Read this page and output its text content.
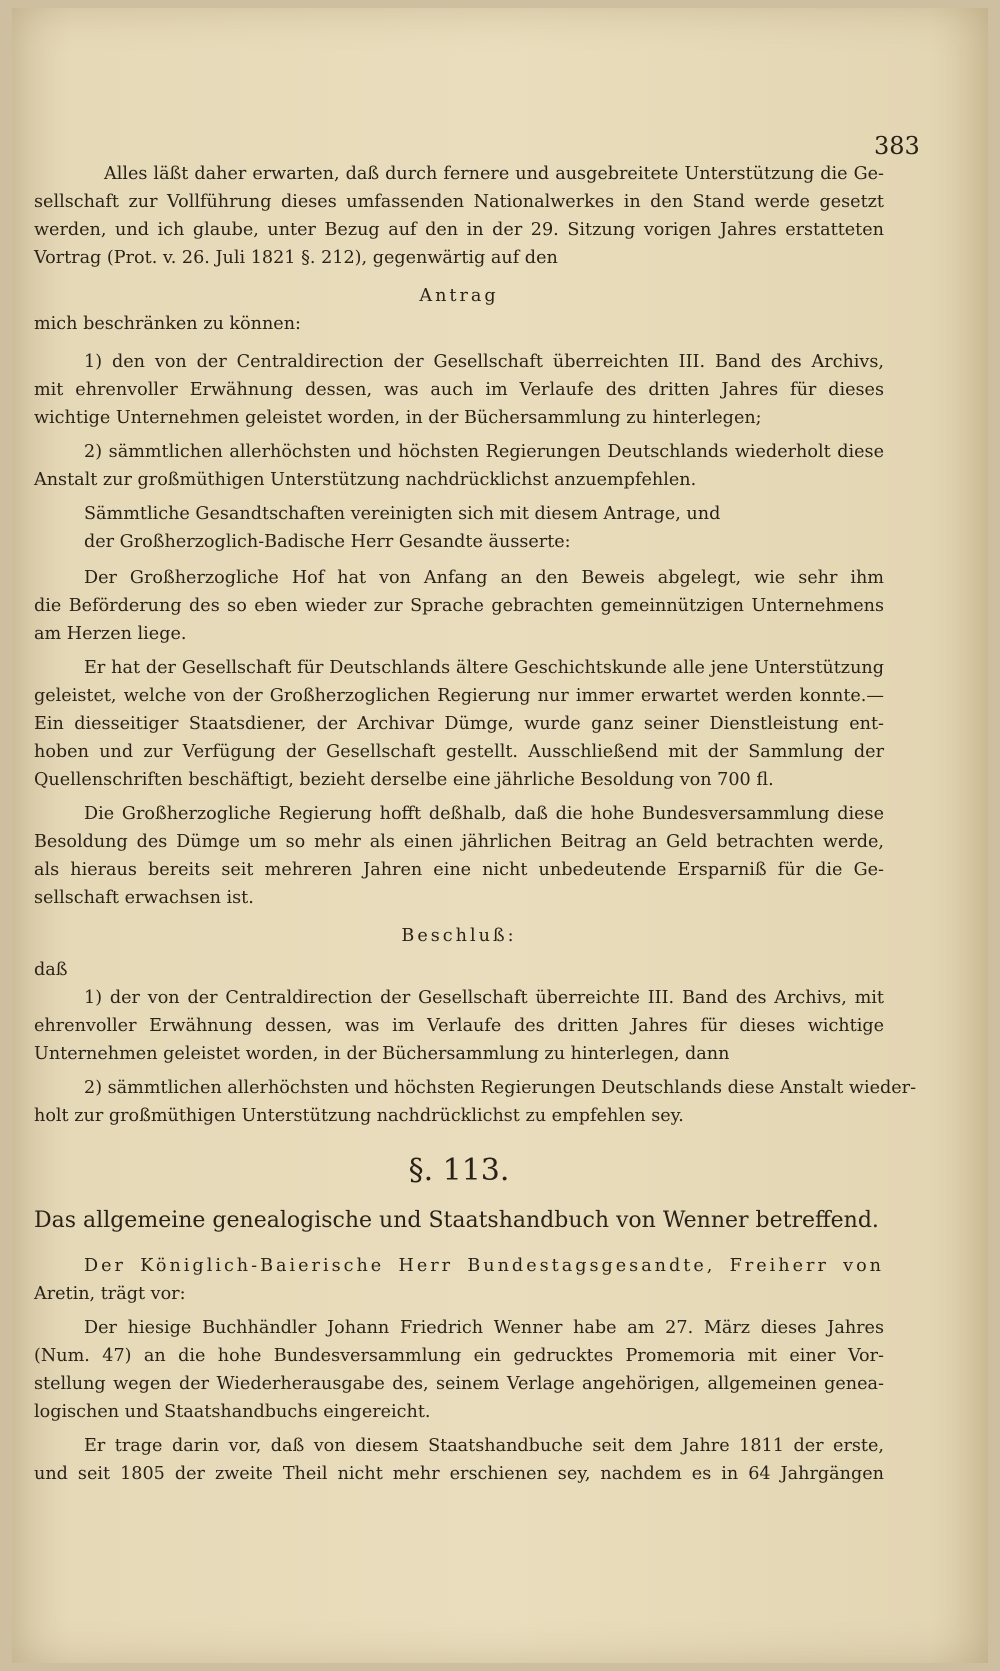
383
Alles läßt daher erwarten, daß durch fernere und ausgebreitete Unterstützung die Ge-
sellschaft zur Vollführung dieses umfassenden Nationalwerkes in den Stand werde gesetzt
werden, und ich glaube, unter Bezug auf den in der 29. Sitzung vorigen Jahres erstatteten
Vortrag (Prot. v. 26. Juli 1821 §. 212), gegenwärtig auf den
Antrag
mich beschränken zu können:
1) den von der Centraldirection der Gesellschaft überreichten III. Band des Archivs,
mit ehrenvoller Erwähnung dessen, was auch im Verlaufe des dritten Jahres für dieses
wichtige Unternehmen geleistet worden, in der Büchersammlung zu hinterlegen;
2) sämmtlichen allerhöchsten und höchsten Regierungen Deutschlands wiederholt diese
Anstalt zur großmüthigen Unterstützung nachdrücklichst anzuempfehlen.
Sämmtliche Gesandtschaften vereinigten sich mit diesem Antrage, und
der Großherzoglich-Badische Herr Gesandte äusserte:
Der Großherzogliche Hof hat von Anfang an den Beweis abgelegt, wie sehr ihm
die Beförderung des so eben wieder zur Sprache gebrachten gemeinnützigen Unternehmens
am Herzen liege.
Er hat der Gesellschaft für Deutschlands ältere Geschichtskunde alle jene Unterstützung
geleistet, welche von der Großherzoglichen Regierung nur immer erwartet werden konnte.—
Ein diesseitiger Staatsdiener, der Archivar Dümge, wurde ganz seiner Dienstleistung ent-
hoben und zur Verfügung der Gesellschaft gestellt. Ausschließend mit der Sammlung der
Quellenschriften beschäftigt, bezieht derselbe eine jährliche Besoldung von 700 fl.
Die Großherzogliche Regierung hofft deßhalb, daß die hohe Bundesversammlung diese
Besoldung des Dümge um so mehr als einen jährlichen Beitrag an Geld betrachten werde,
als hieraus bereits seit mehreren Jahren eine nicht unbedeutende Ersparniß für die Ge-
sellschaft erwachsen ist.
Beschluß:
daß
1) der von der Centraldirection der Gesellschaft überreichte III. Band des Archivs, mit
ehrenvoller Erwähnung dessen, was im Verlaufe des dritten Jahres für dieses wichtige
Unternehmen geleistet worden, in der Büchersammlung zu hinterlegen, dann
2) sämmtlichen allerhöchsten und höchsten Regierungen Deutschlands diese Anstalt wieder-
holt zur großmüthigen Unterstützung nachdrücklichst zu empfehlen sey.
§. 113.
Das allgemeine genealogische und Staatshandbuch von Wenner betreffend.
Der Königlich-Baierische Herr Bundestagsgesandte, Freiherr von
Aretin, trägt vor:
Der hiesige Buchhändler Johann Friedrich Wenner habe am 27. März dieses Jahres
(Num. 47) an die hohe Bundesversammlung ein gedrucktes Promemoria mit einer Vor-
stellung wegen der Wiederherausgabe des, seinem Verlage angehörigen, allgemeinen genea-
logischen und Staatshandbuchs eingereicht.
Er trage darin vor, daß von diesem Staatshandbuche seit dem Jahre 1811 der erste,
und seit 1805 der zweite Theil nicht mehr erschienen sey, nachdem es in 64 Jahrgängen
